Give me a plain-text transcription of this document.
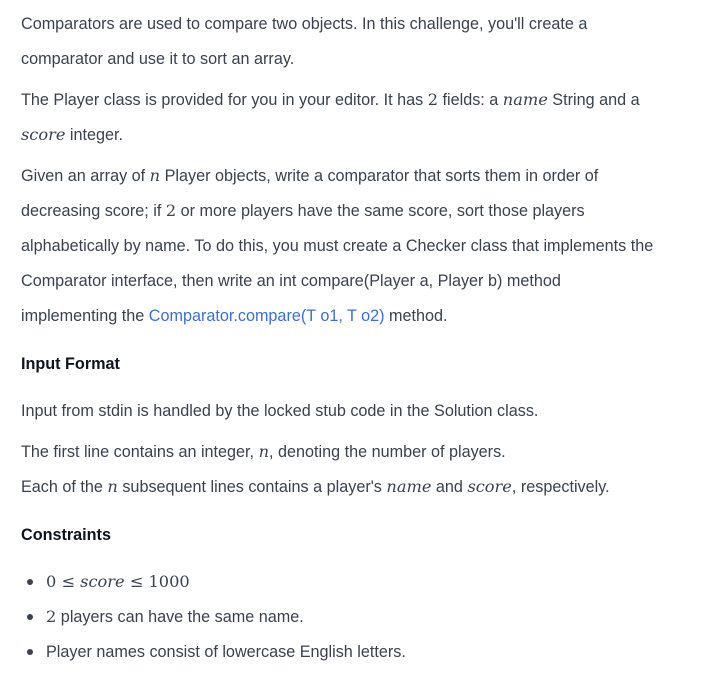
Comparators are used to compare two objects. In this challenge, you'll create a
comparator and use it to sort an array.
The Player class is provided for you in your editor. It has 2 fields: a name String and a
score integer.
Given an array of n Player objects, write a comparator that sorts them in order of
decreasing score; if 2 or more players have the same score, sort those players
alphabetically by name. To do this, you must create a Checker class that implements the
Comparator interface, then write an int compare(Player a, Player b) method
implementing the Comparator.compare(T o1, T o2) method.
Input Format
Input from stdin is handled by the locked stub code in the Solution class.
The first line contains an integer, n, denoting the number of players.
Each of the n subsequent lines contains a player's name and score, respectively.
Constraints
0 ≤ score ≤ 1000
2 players can have the same name.
Player names consist of lowercase English letters.
